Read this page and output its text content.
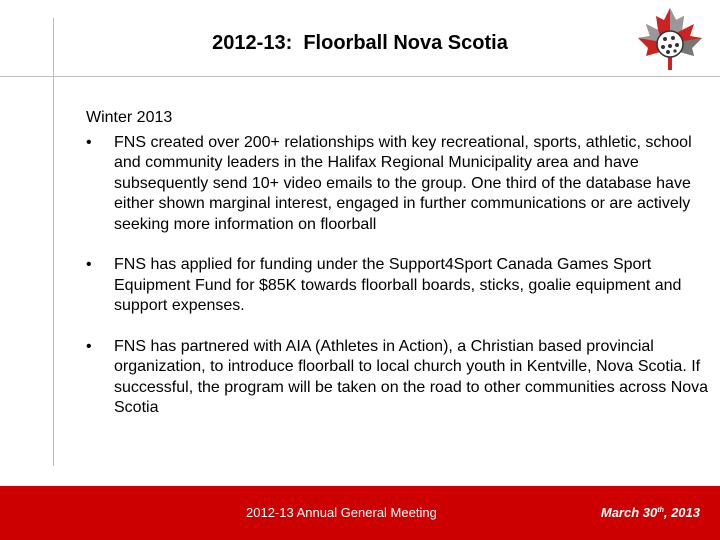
2012-13:  Floorball Nova Scotia
Winter 2013
•	FNS created over 200+ relationships with key recreational, sports, athletic, school and community leaders in the Halifax Regional Municipality area and have subsequently send 10+ video emails to the group. One third of the database have either shown marginal interest, engaged in further communications or are actively seeking more information on floorball
•	FNS has applied for funding under the Support4Sport Canada Games Sport Equipment Fund for $85K towards floorball boards, sticks, goalie equipment and support expenses.
•	FNS has partnered with AIA (Athletes in Action), a Christian based provincial organization, to introduce floorball to local church youth in Kentville, Nova Scotia. If successful, the program will be taken on the road to other communities across Nova Scotia
2012-13 Annual General Meeting	March 30th, 2013
